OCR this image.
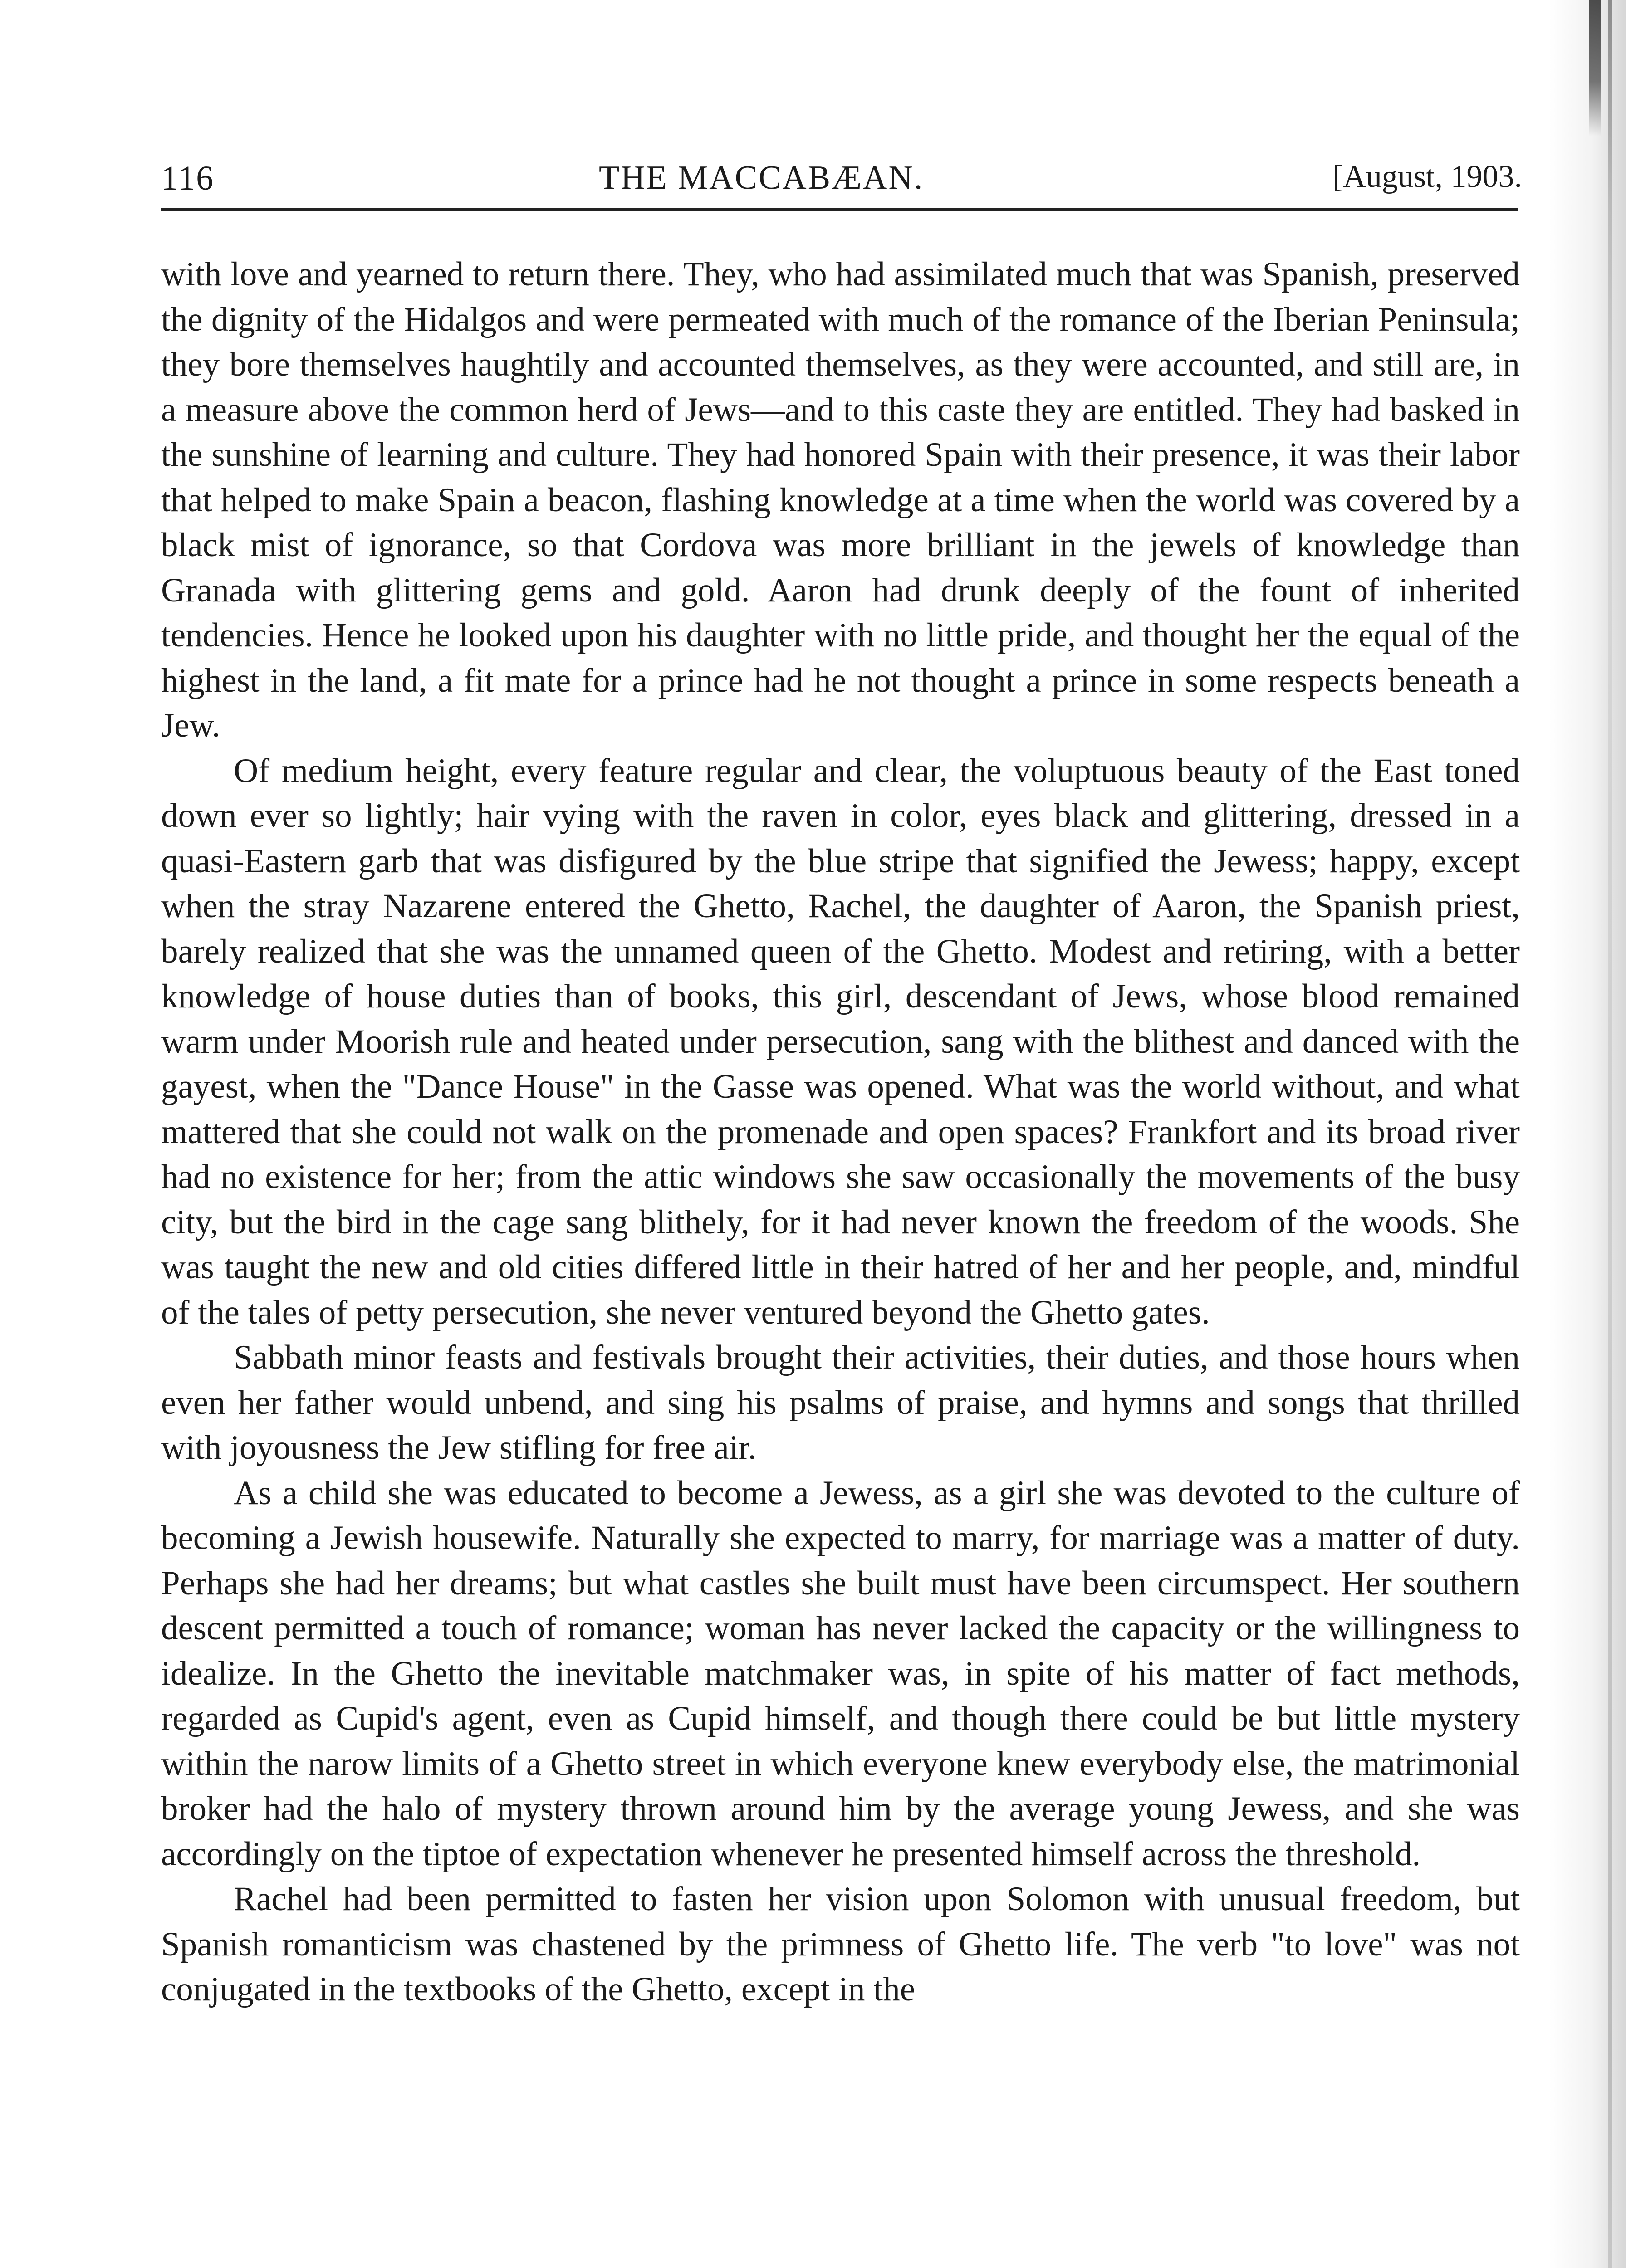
116	THE MACCABÆAN.	[August, 1903.

with love and yearned to return there. They, who had assimilated much that was Spanish, preserved the dignity of the Hidalgos and were permeated with much of the romance of the Iberian Peninsula; they bore themselves haughtily and accounted themselves, as they were accounted, and still are, in a measure above the common herd of Jews—and to this caste they are entitled. They had basked in the sunshine of learning and culture. They had honored Spain with their presence, it was their labor that helped to make Spain a beacon, flashing knowledge at a time when the world was covered by a black mist of ignorance, so that Cordova was more brilliant in the jewels of knowledge than Granada with glittering gems and gold. Aaron had drunk deeply of the fount of inherited tendencies. Hence he looked upon his daughter with no little pride, and thought her the equal of the highest in the land, a fit mate for a prince had he not thought a prince in some respects beneath a Jew.

Of medium height, every feature regular and clear, the voluptuous beauty of the East toned down ever so lightly; hair vying with the raven in color, eyes black and glittering, dressed in a quasi-Eastern garb that was disfigured by the blue stripe that signified the Jewess; happy, except when the stray Nazarene entered the Ghetto, Rachel, the daughter of Aaron, the Spanish priest, barely realized that she was the unnamed queen of the Ghetto. Modest and retiring, with a better knowledge of house duties than of books, this girl, descendant of Jews, whose blood remained warm under Moorish rule and heated under persecution, sang with the blithest and danced with the gayest, when the "Dance House" in the Gasse was opened. What was the world without, and what mattered that she could not walk on the promenade and open spaces? Frankfort and its broad river had no existence for her; from the attic windows she saw occasionally the movements of the busy city, but the bird in the cage sang blithely, for it had never known the freedom of the woods. She was taught the new and old cities differed little in their hatred of her and her people, and, mindful of the tales of petty persecution, she never ventured beyond the Ghetto gates.

Sabbath minor feasts and festivals brought their activities, their duties, and those hours when even her father would unbend, and sing his psalms of praise, and hymns and songs that thrilled with joyousness the Jew stifling for free air.

As a child she was educated to become a Jewess, as a girl she was devoted to the culture of becoming a Jewish housewife. Naturally she expected to marry, for marriage was a matter of duty. Perhaps she had her dreams; but what castles she built must have been circumspect. Her southern descent permitted a touch of romance; woman has never lacked the capacity or the willingness to idealize. In the Ghetto the inevitable matchmaker was, in spite of his matter of fact methods, regarded as Cupid's agent, even as Cupid himself, and though there could be but little mystery within the narow limits of a Ghetto street in which everyone knew everybody else, the matrimonial broker had the halo of mystery thrown around him by the average young Jewess, and she was accordingly on the tiptoe of expectation whenever he presented himself across the threshold.

Rachel had been permitted to fasten her vision upon Solomon with unusual freedom, but Spanish romanticism was chastened by the primness of Ghetto life. The verb "to love" was not conjugated in the textbooks of the Ghetto, except in the
